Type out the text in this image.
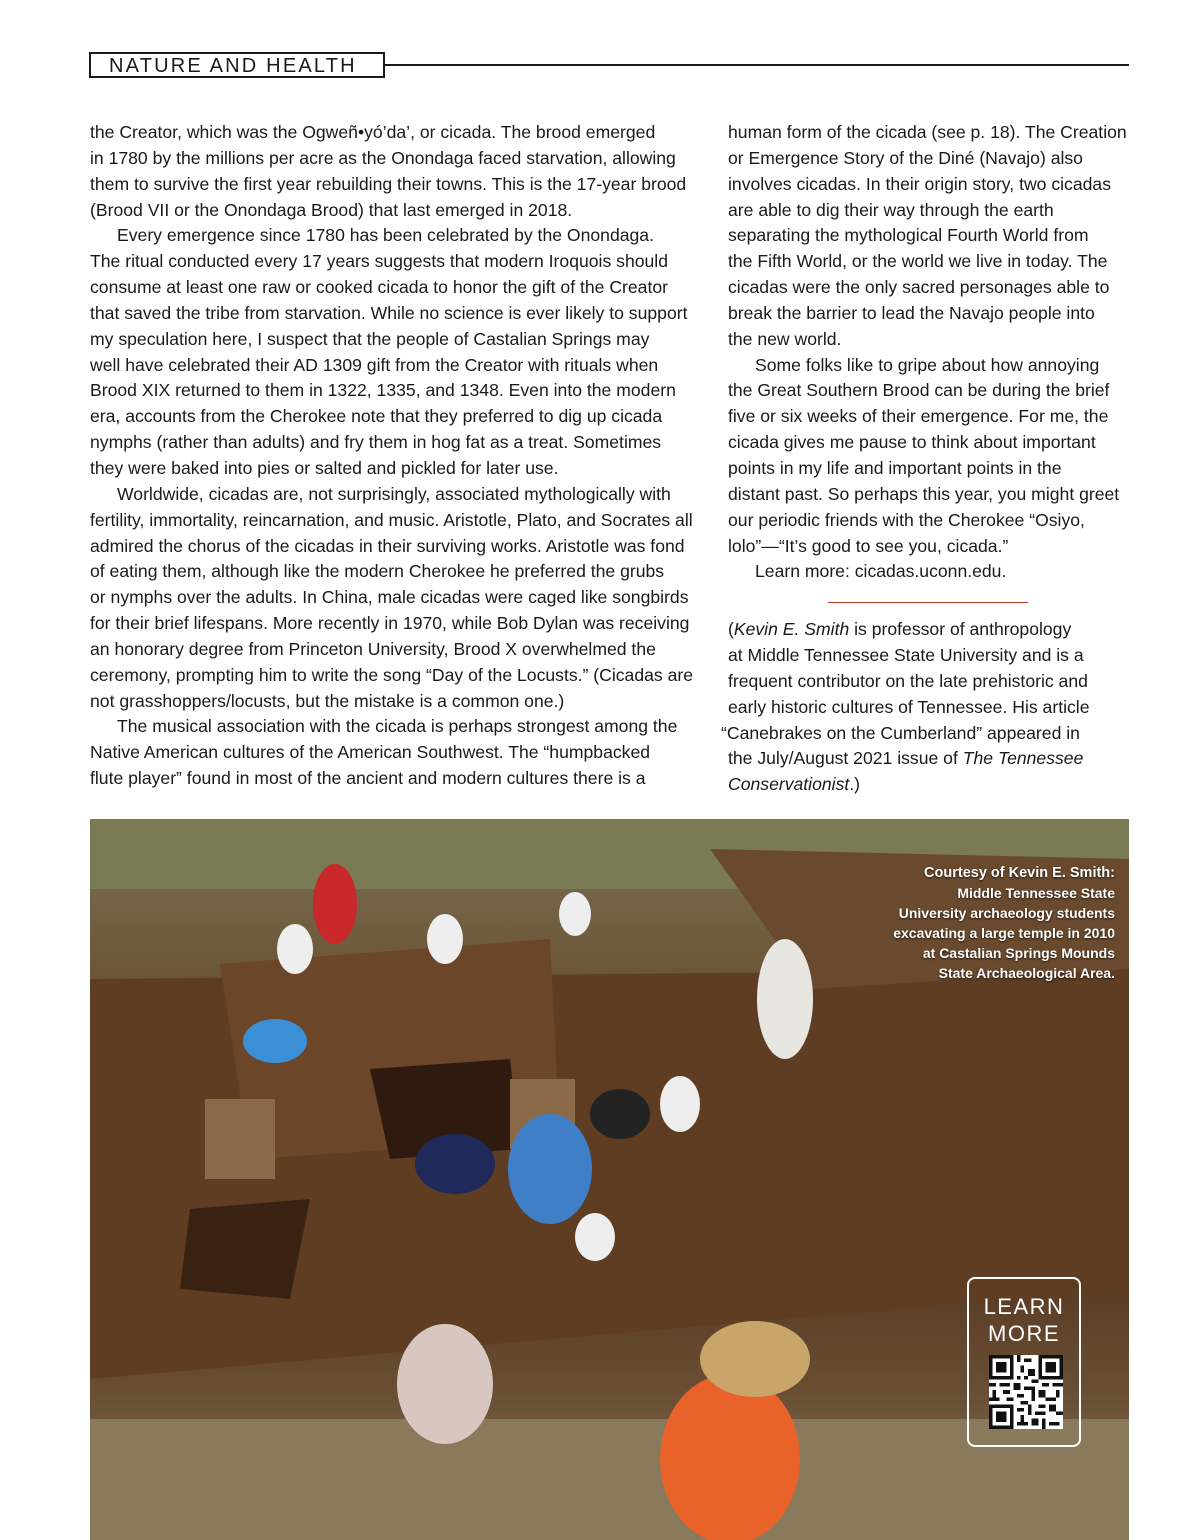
NATURE AND HEALTH
the Creator, which was the Ogweñ•yó’da’, or cicada. The brood emerged
in 1780 by the millions per acre as the Onondaga faced starvation, allowing
them to survive the first year rebuilding their towns. This is the 17-year brood
(Brood VII or the Onondaga Brood) that last emerged in 2018.
Every emergence since 1780 has been celebrated by the Onondaga.
The ritual conducted every 17 years suggests that modern Iroquois should
consume at least one raw or cooked cicada to honor the gift of the Creator
that saved the tribe from starvation. While no science is ever likely to support
my speculation here, I suspect that the people of Castalian Springs may
well have celebrated their AD 1309 gift from the Creator with rituals when
Brood XIX returned to them in 1322, 1335, and 1348. Even into the modern
era, accounts from the Cherokee note that they preferred to dig up cicada
nymphs (rather than adults) and fry them in hog fat as a treat. Sometimes
they were baked into pies or salted and pickled for later use.
Worldwide, cicadas are, not surprisingly, associated mythologically with
fertility, immortality, reincarnation, and music. Aristotle, Plato, and Socrates all
admired the chorus of the cicadas in their surviving works. Aristotle was fond
of eating them, although like the modern Cherokee he preferred the grubs
or nymphs over the adults. In China, male cicadas were caged like songbirds
for their brief lifespans. More recently in 1970, while Bob Dylan was receiving
an honorary degree from Princeton University, Brood X overwhelmed the
ceremony, prompting him to write the song “Day of the Locusts.” (Cicadas are
not grasshoppers/locusts, but the mistake is a common one.)
The musical association with the cicada is perhaps strongest among the
Native American cultures of the American Southwest. The “humpbacked
flute player” found in most of the ancient and modern cultures there is a
human form of the cicada (see p. 18). The Creation
or Emergence Story of the Diné (Navajo) also
involves cicadas. In their origin story, two cicadas
are able to dig their way through the earth
separating the mythological Fourth World from
the Fifth World, or the world we live in today. The
cicadas were the only sacred personages able to
break the barrier to lead the Navajo people into
the new world.
Some folks like to gripe about how annoying
the Great Southern Brood can be during the brief
five or six weeks of their emergence. For me, the
cicada gives me pause to think about important
points in my life and important points in the
distant past. So perhaps this year, you might greet
our periodic friends with the Cherokee “Osiyo,
lolo”—“It’s good to see you, cicada.”
Learn more: cicadas.uconn.edu.
(Kevin E. Smith is professor of anthropology
at Middle Tennessee State University and is a
frequent contributor on the late prehistoric and
early historic cultures of Tennessee. His article
“Canebrakes on the Cumberland” appeared in
the July/August 2021 issue of The Tennessee
Conservationist.)
Courtesy of Kevin E. Smith:
Middle Tennessee State
University archaeology students
excavating a large temple in 2010
at Castalian Springs Mounds
State Archaeological Area.
LEARN
MORE
